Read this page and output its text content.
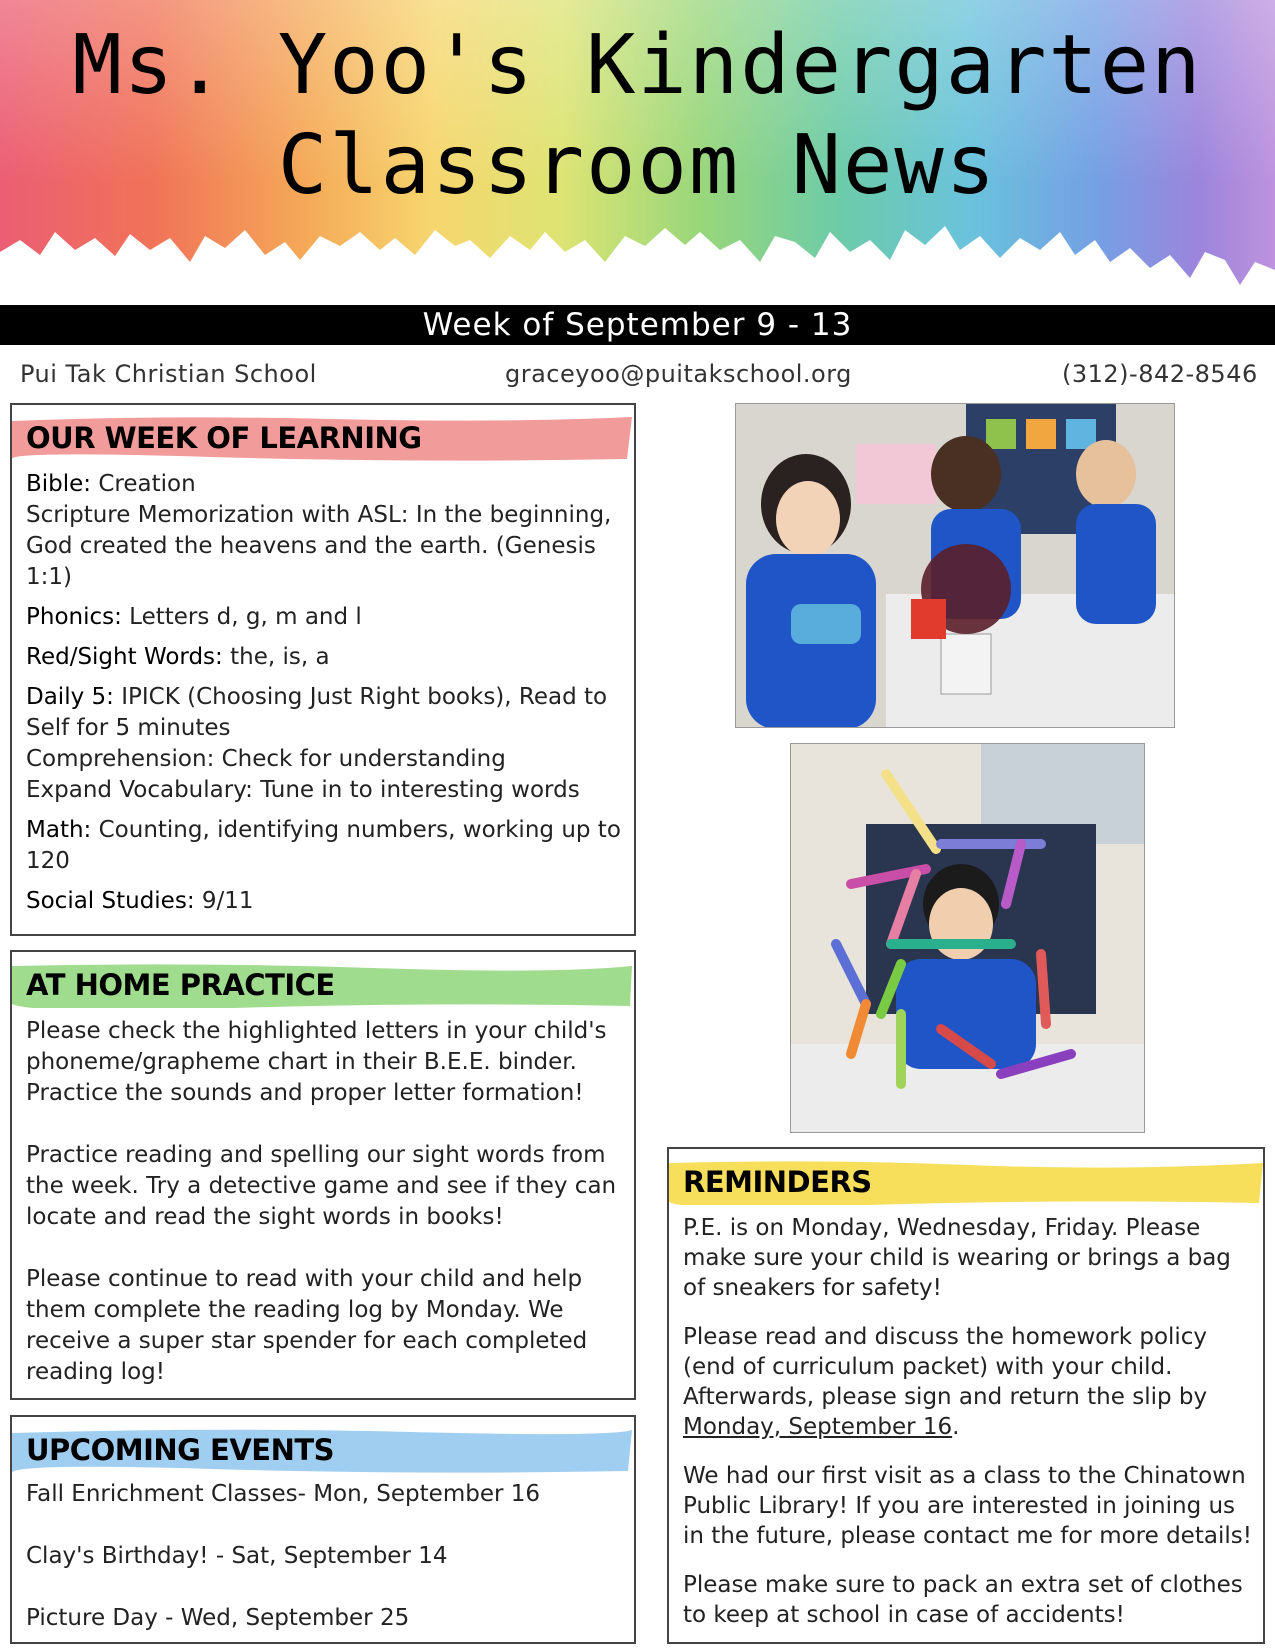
Ms. Yoo's Kindergarten
Classroom News
Week of September 9 - 13
Pui Tak Christian School	graceyoo@puitakschool.org	(312)-842-8546
OUR WEEK OF LEARNING

Bible: Creation

Scripture Memorization with ASL: In the beginning, God created the heavens and the earth. (Genesis 1:1)

Phonics: Letters d, g, m and l

Red/Sight Words: the, is, a

Daily 5: IPICK (Choosing Just Right books), Read to Self for 5 minutes

Comprehension: Check for understanding

Expand Vocabulary: Tune in to interesting words

Math: Counting, identifying numbers, working up to 120

Social Studies: 9/11

AT HOME PRACTICE

Please check the highlighted letters in your child's phoneme/grapheme chart in their B.E.E. binder. Practice the sounds and proper letter formation!

Practice reading and spelling our sight words from the week. Try a detective game and see if they can locate and read the sight words in books!

Please continue to read with your child and help them complete the reading log by Monday. We receive a super star spender for each completed reading log!

UPCOMING EVENTS
Fall Enrichment Classes- Mon, September 16
Clay's Birthday! - Sat, September 14
Picture Day - Wed, September 25
REMINDERS

P.E. is on Monday, Wednesday, Friday. Please make sure your child is wearing or brings a bag of sneakers for safety!

Please read and discuss the homework policy (end of curriculum packet) with your child. Afterwards, please sign and return the slip by Monday, September 16.

We had our first visit as a class to the Chinatown Public Library! If you are interested in joining us in the future, please contact me for more details!

Please make sure to pack an extra set of clothes to keep at school in case of accidents!
